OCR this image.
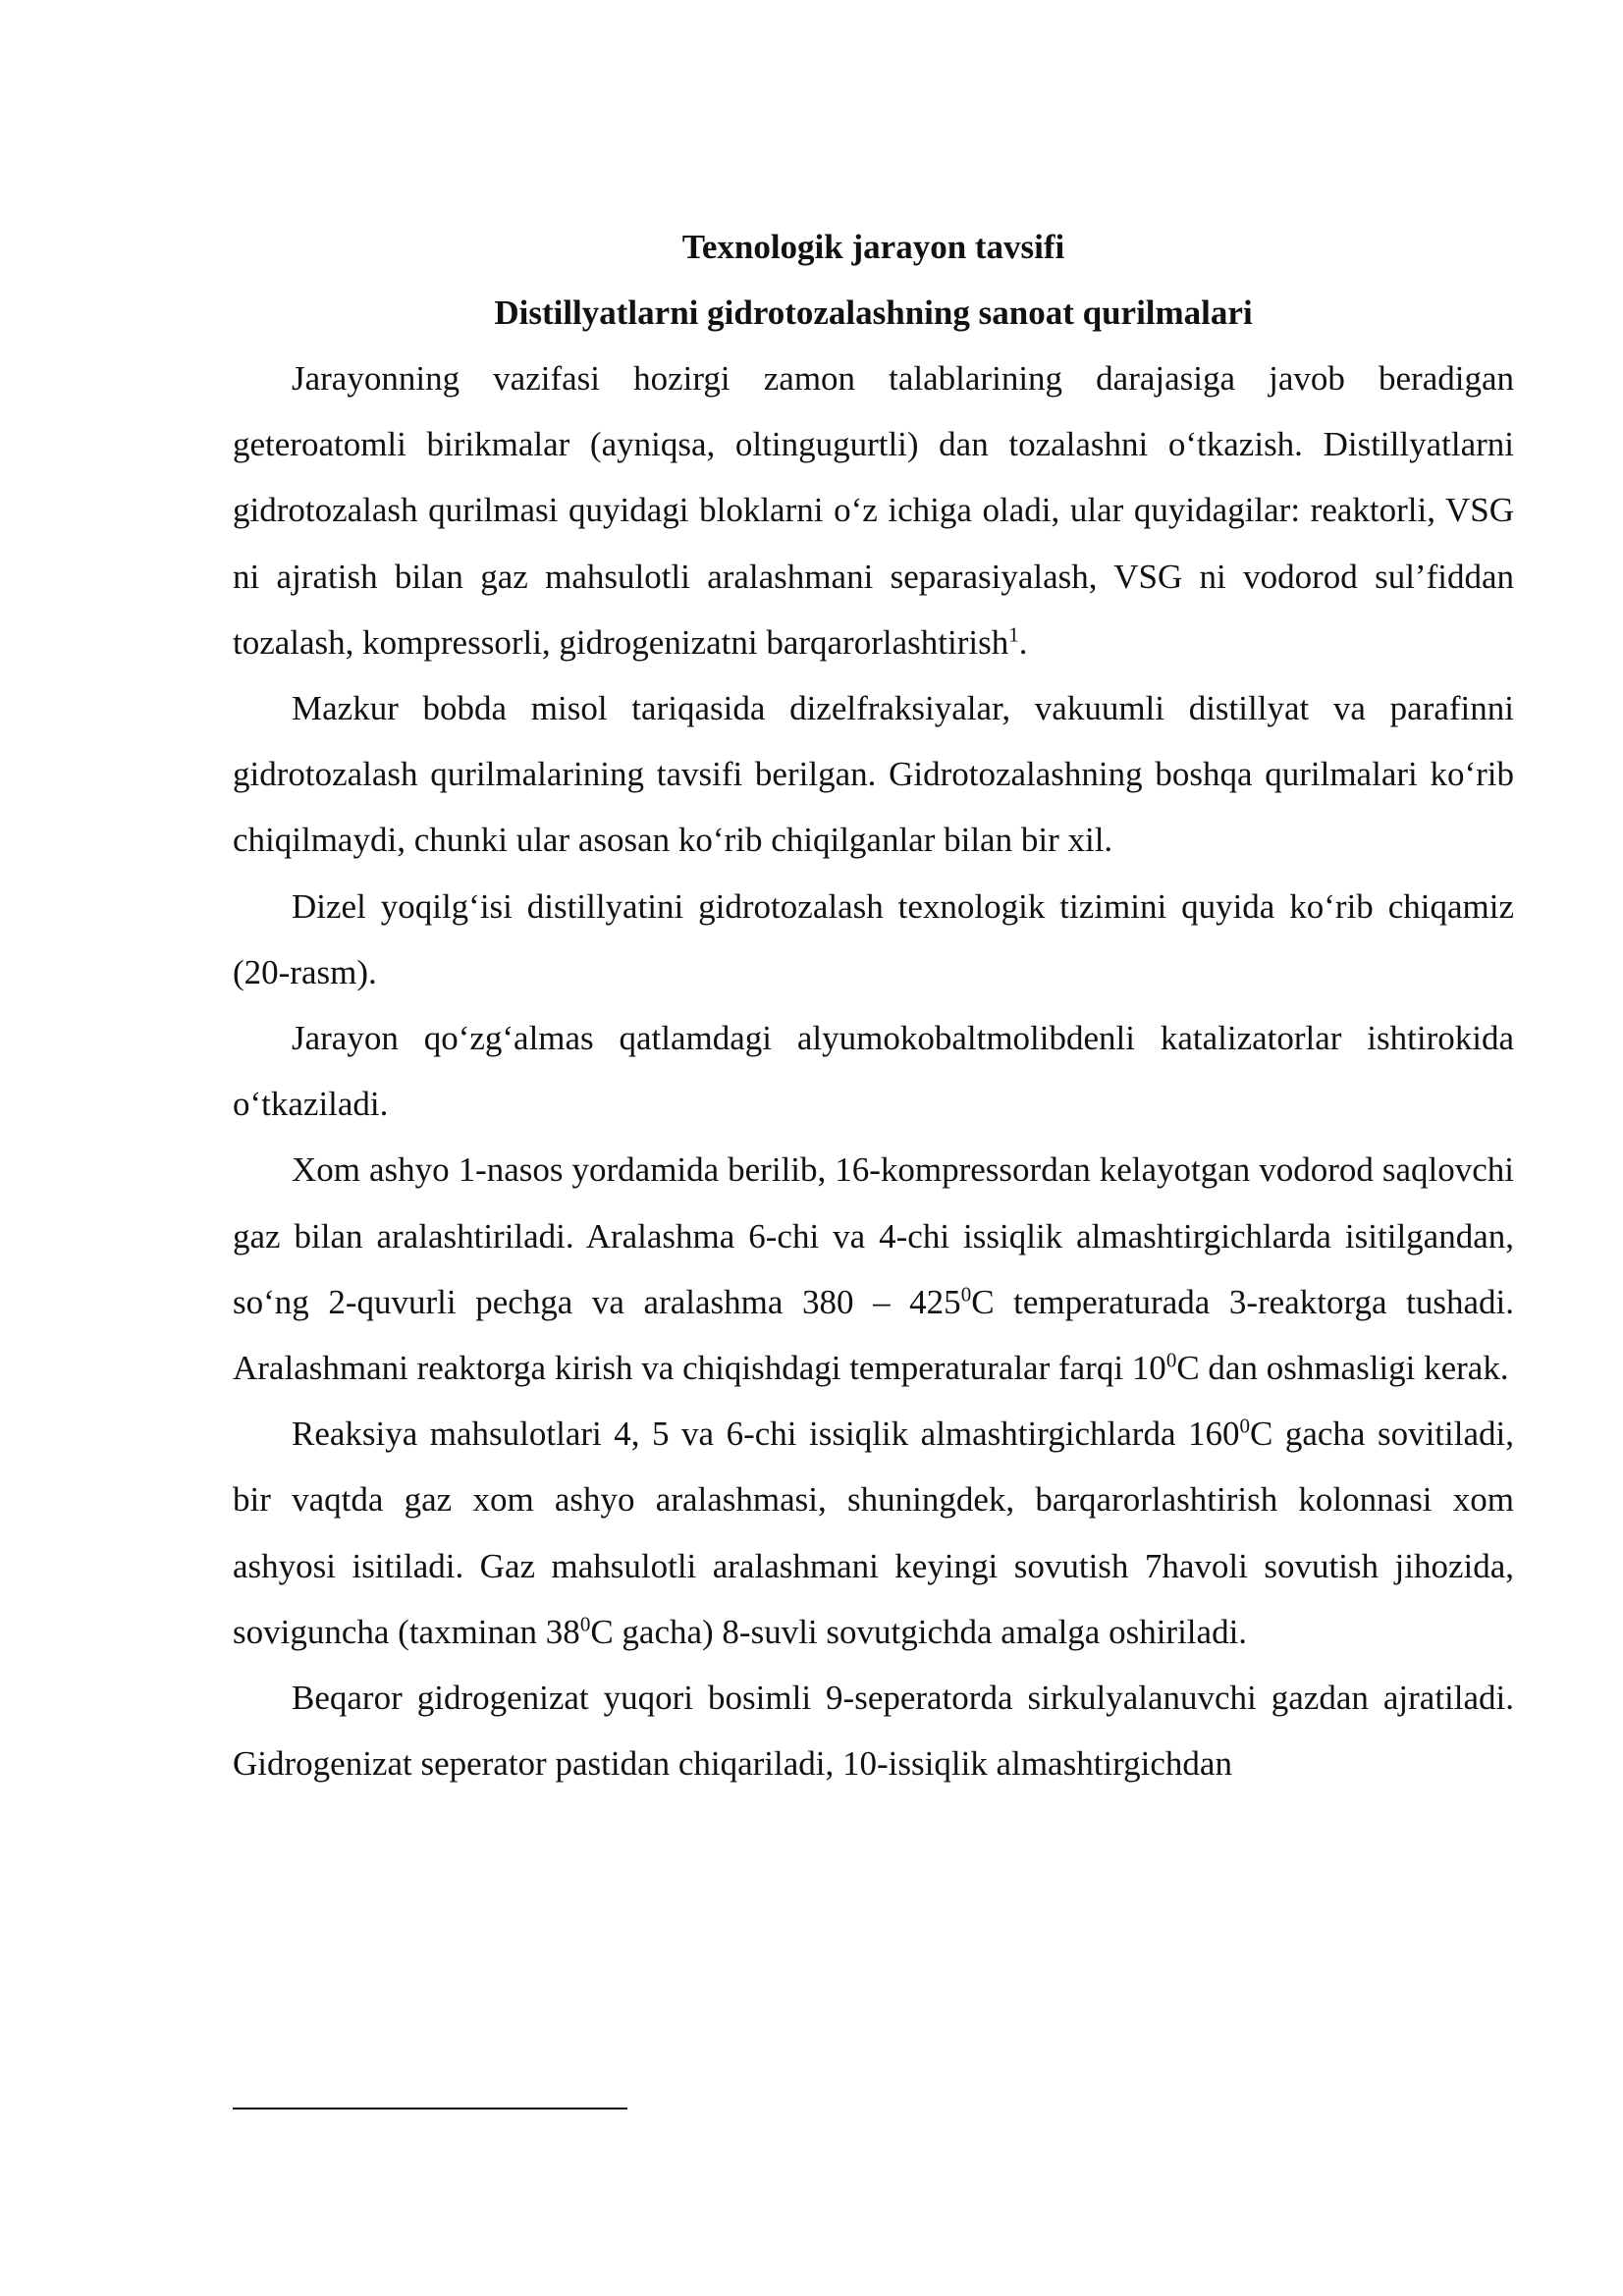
Texnologik jarayon tavsifi
Distillyatlarni gidrotozalashning sanoat qurilmalari

Jarayonning vazifasi hozirgi zamon talablarining darajasiga javob beradigan geteroatomli birikmalar (ayniqsa, oltingugurtli) dan tozalashni o‘tkazish. Distillyatlarni gidrotozalash qurilmasi quyidagi bloklarni o‘z ichiga oladi, ular quyidagilar: reaktorli, VSG ni ajratish bilan gaz mahsulotli aralashmani separasiyalash, VSG ni vodorod sul’fiddan tozalash, kompressorli, gidrogenizatni barqarorlashtirish$^1$.

Mazkur bobda misol tariqasida dizelfraksiyalar, vakuumli distillyat va parafinni gidrotozalash qurilmalarining tavsifi berilgan. Gidrotozalashning boshqa qurilmalari ko‘rib chiqilmaydi, chunki ular asosan ko‘rib chiqilganlar bilan bir xil.

Dizel yoqilg‘isi distillyatini gidrotozalash texnologik tizimini quyida ko‘rib chiqamiz (20-rasm).

Jarayon qo‘zg‘almas qatlamdagi alyumokobaltmolibdenli katalizatorlar ishtirokida o‘tkaziladi.

Xom ashyo 1-nasos yordamida berilib, 16-kompressordan kelayotgan vodorod saqlovchi gaz bilan aralashtiriladi. Aralashma 6-chi va 4-chi issiqlik almashtirgichlarda isitilgandan, so‘ng 2-quvurli pechga va aralashma $380 - 425^0C$ temperaturada 3-reaktorga tushadi. Aralashmani reaktorga kirish va chiqishdagi temperaturalar farqi $10^0C$ dan oshmasligi kerak.

Reaksiya mahsulotlari 4, 5 va 6-chi issiqlik almashtirgichlarda $160^0C$ gacha sovitiladi, bir vaqtda gaz xom ashyo aralashmasi, shuningdek, barqarorlashtirish kolonnasi xom ashyosi isitiladi. Gaz mahsulotli aralashmani keyingi sovutish 7havoli sovutish jihozida, soviguncha (taxminan $38^0C$ gacha) 8-suvli sovutgichda amalga oshiriladi.

Beqaror gidrogenizat yuqori bosimli 9-seperatorda sirkulyalanuvchi gazdan ajratiladi. Gidrogenizat seperator pastidan chiqariladi, 10-issiqlik almashtirgichdan
